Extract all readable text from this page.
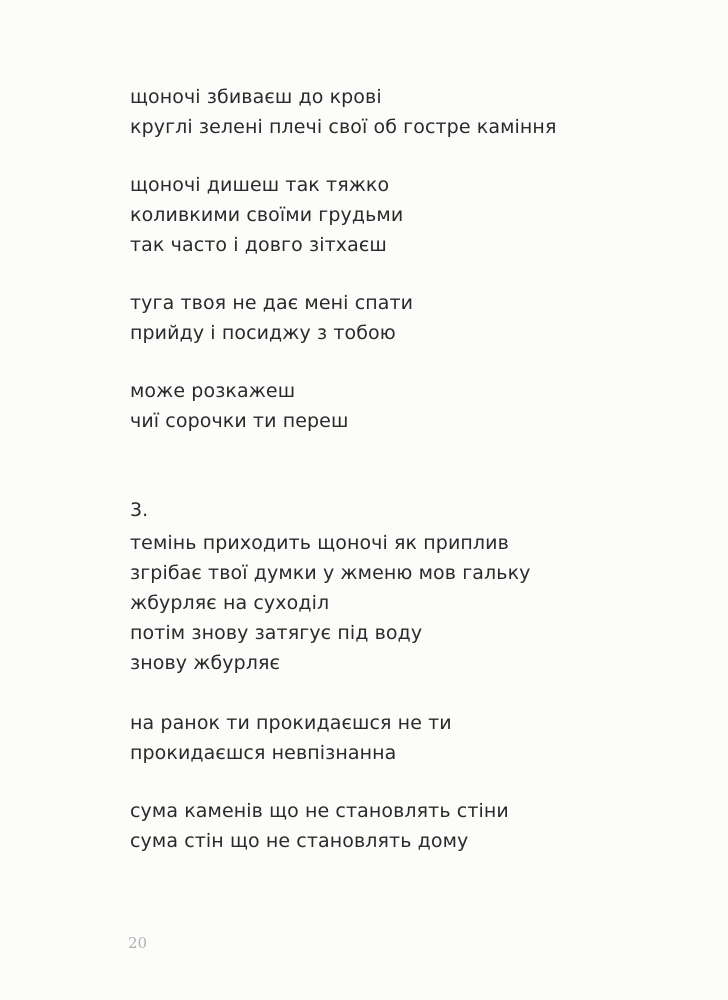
щоночі збиваєш до крові
круглі зелені плечі свої об гостре каміння
щоночі дишеш так тяжко
коливкими своїми грудьми
так часто і довго зітхаєш
туга твоя не дає мені спати
прийду і посиджу з тобою
може розкажеш
чиї сорочки ти переш
3.
темінь приходить щоночі як приплив
згрібає твої думки у жменю мов гальку
жбурляє на суходіл
потім знову затягує під воду
знову жбурляє
на ранок ти прокидаєшся не ти
прокидаєшся невпізнанна
сума каменів що не становлять стіни
сума стін що не становлять дому
20
